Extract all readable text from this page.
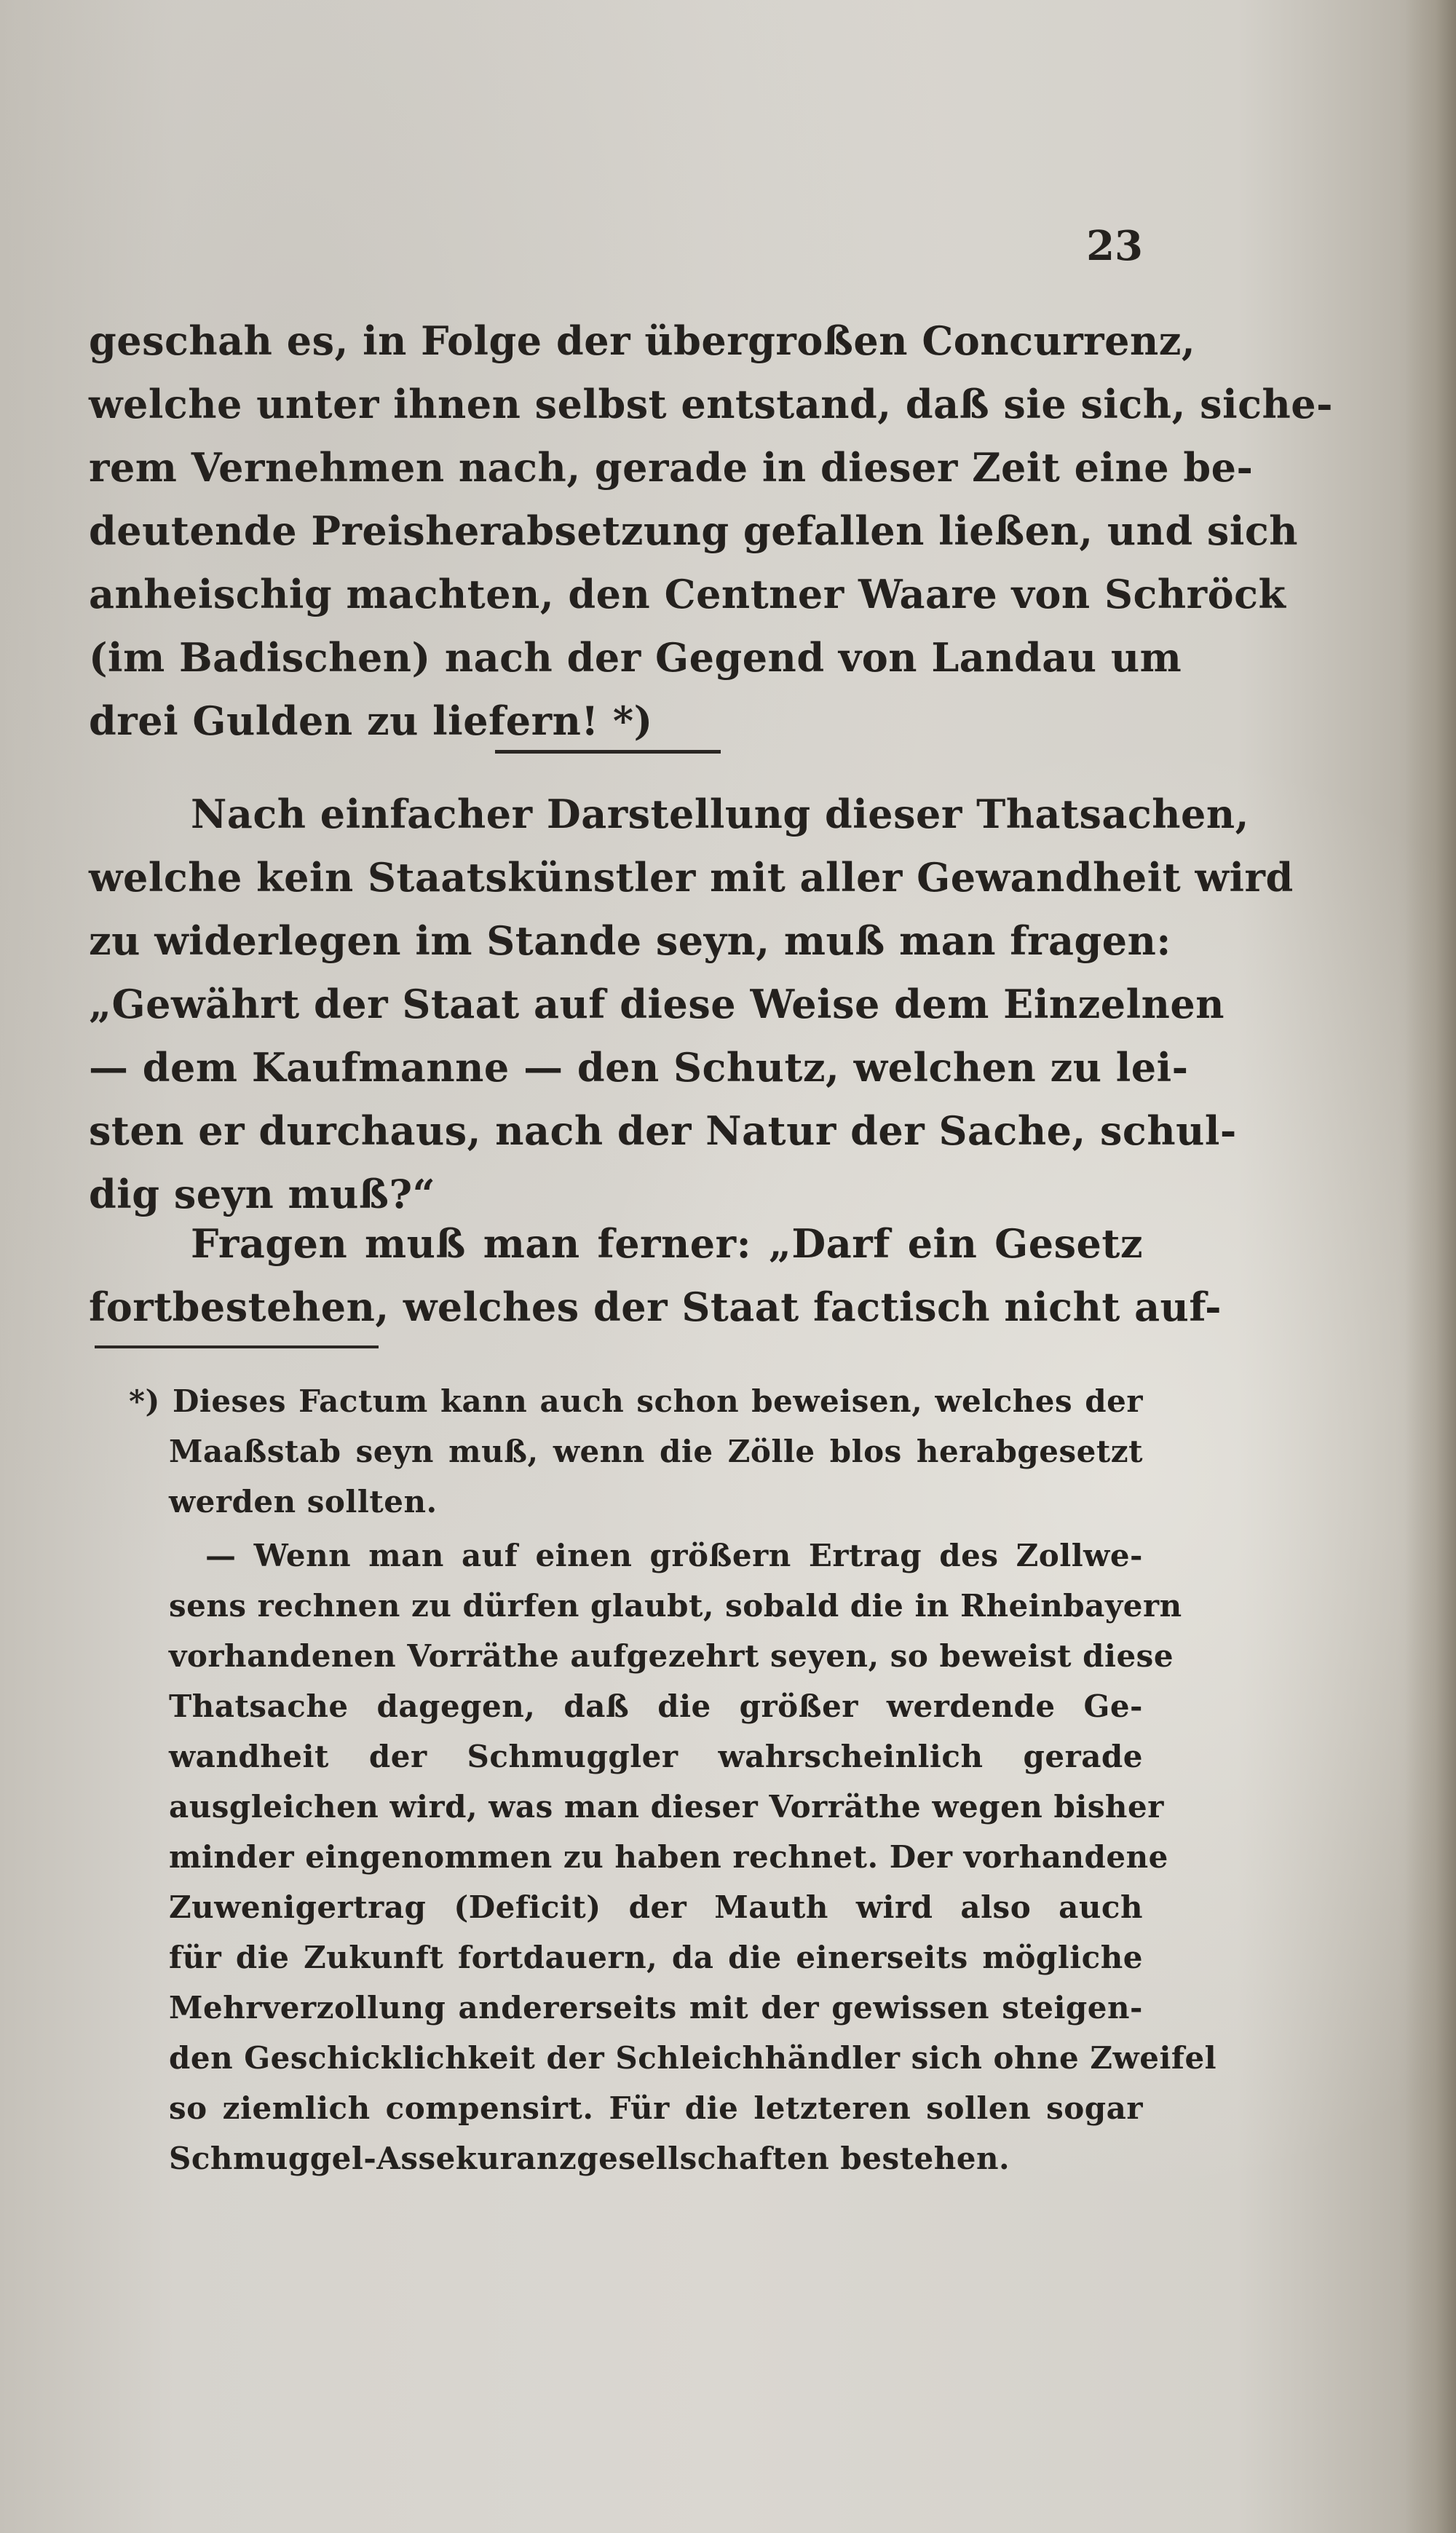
23
geschah es, in Folge der übergroßen Concurrenz,
welche unter ihnen selbst entstand, daß sie sich, siche-
rem Vernehmen nach, gerade in dieser Zeit eine be-
deutende Preisherabsetzung gefallen ließen, und sich
anheischig machten, den Centner Waare von Schröck
(im Badischen) nach der Gegend von Landau um
drei Gulden zu liefern! *)
Nach einfacher Darstellung dieser Thatsachen,
welche kein Staatskünstler mit aller Gewandheit wird
zu widerlegen im Stande seyn, muß man fragen:
„Gewährt der Staat auf diese Weise dem Einzelnen
— dem Kaufmanne — den Schutz, welchen zu lei-
sten er durchaus, nach der Natur der Sache, schul-
dig seyn muß?“
Fragen muß man ferner: „Darf ein Gesetz
fortbestehen, welches der Staat factisch nicht auf-
*) Dieses Factum kann auch schon beweisen, welches der
Maaßstab seyn muß, wenn die Zölle blos herabgesetzt
werden sollten.
— Wenn man auf einen größern Ertrag des Zollwe-
sens rechnen zu dürfen glaubt, sobald die in Rheinbayern
vorhandenen Vorräthe aufgezehrt seyen, so beweist diese
Thatsache dagegen, daß die größer werdende Ge-
wandheit der Schmuggler wahrscheinlich gerade
ausgleichen wird, was man dieser Vorräthe wegen bisher
minder eingenommen zu haben rechnet. Der vorhandene
Zuwenigertrag (Deficit) der Mauth wird also auch
für die Zukunft fortdauern, da die einerseits mögliche
Mehrverzollung andererseits mit der gewissen steigen-
den Geschicklichkeit der Schleichhändler sich ohne Zweifel
so ziemlich compensirt. Für die letzteren sollen sogar
Schmuggel-Assekuranzgesellschaften bestehen.
